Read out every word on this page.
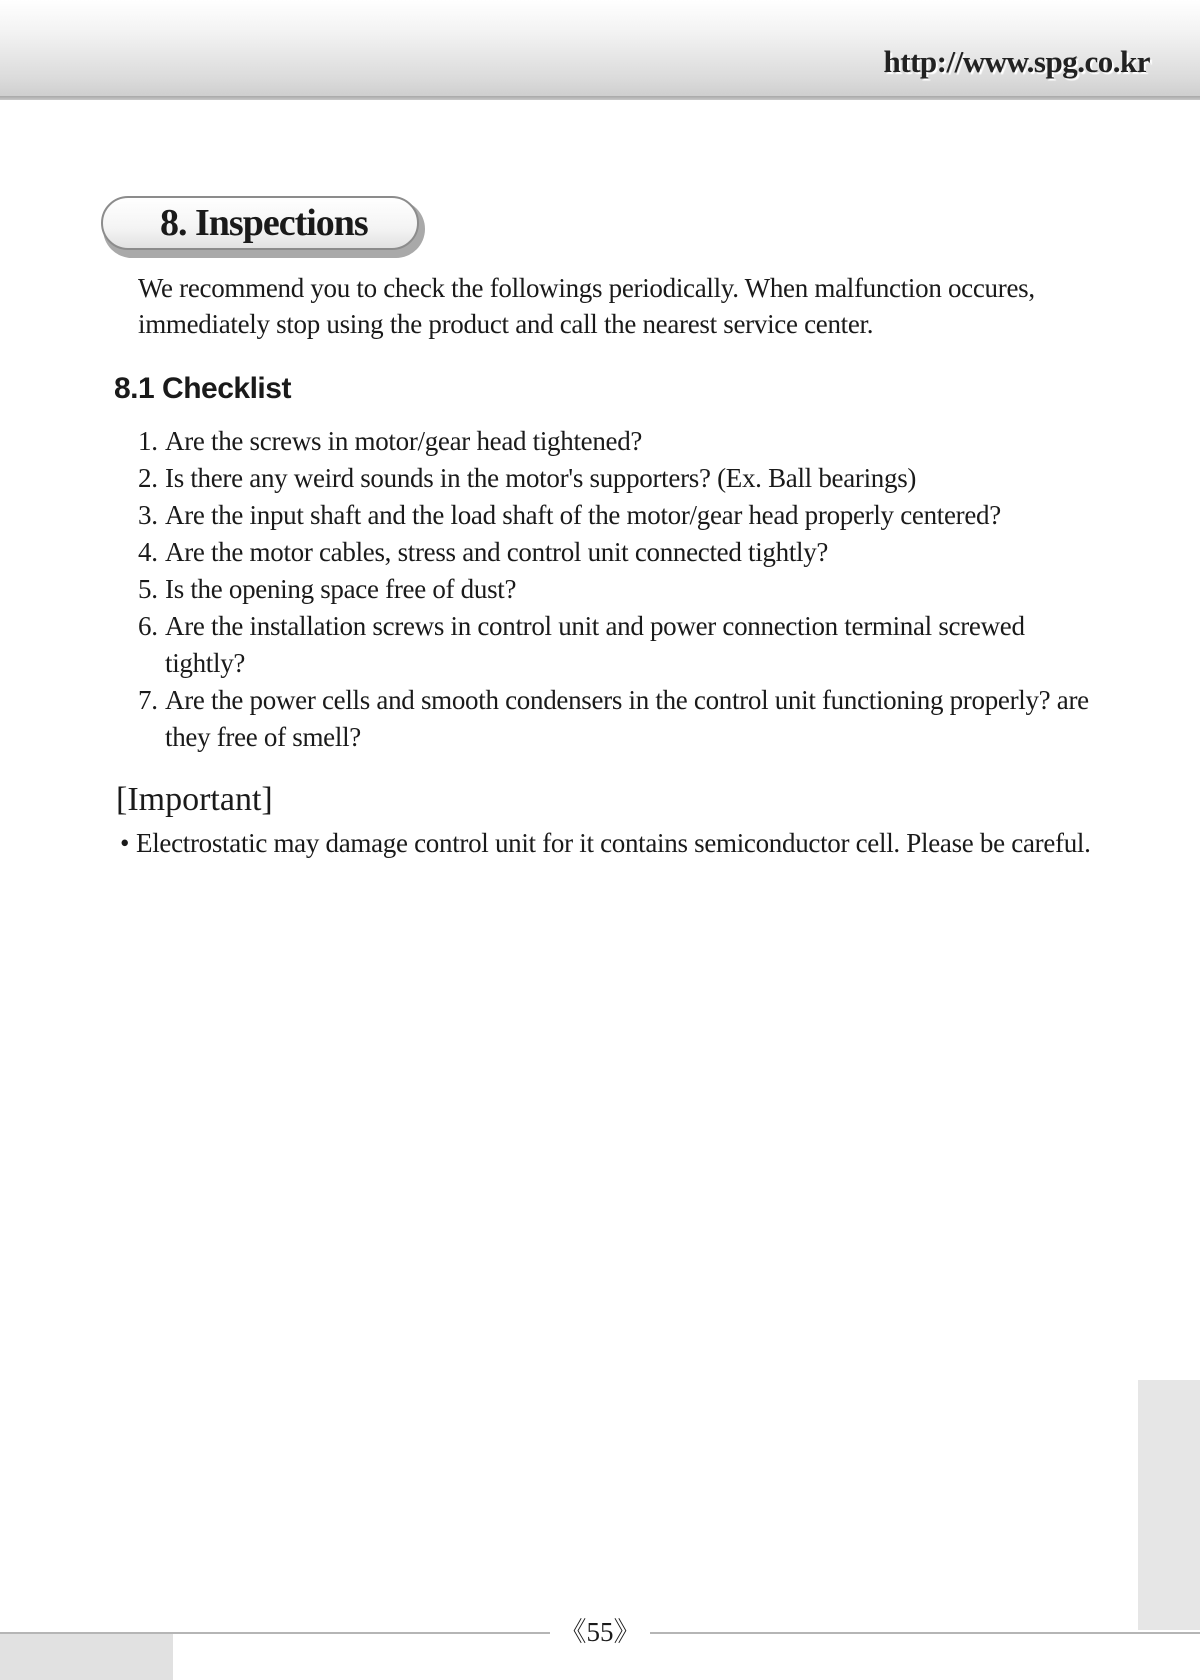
http://www.spg.co.kr
8. Inspections

We recommend you to check the followings periodically. When malfunction occures,

immediately stop using the product and call the nearest service center.

8.1 Checklist
1. Are the screws in motor/gear head tightened?
2. Is there any weird sounds in the motor's supporters? (Ex. Ball bearings)
3. Are the input shaft and the load shaft of the motor/gear head properly centered?
4. Are the motor cables, stress and control unit connected tightly?
5. Is the opening space free of dust?
6. Are the installation screws in control unit and power connection terminal screwed tightly?
7. Are the power cells and smooth condensers in the control unit functioning properly? are they free of smell?
[Important]
• Electrostatic may damage control unit for it contains semiconductor cell. Please be careful.
《55》
